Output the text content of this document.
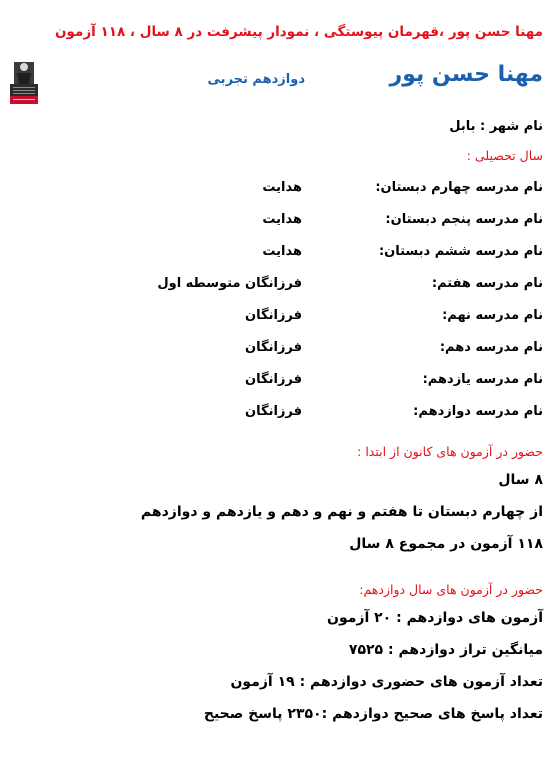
مهنا حسن پور ،قهرمان پیوستگی ، نمودار پیشرفت در ۸ سال ، ۱۱۸ آزمون
مهنا حسن پور
دوازدهم تجربی
نام شهر : بابل
سال تحصیلی :
نام مدرسه چهارم دبستان:
هدایت
نام مدرسه پنجم دبستان:
هدایت
نام مدرسه ششم دبستان:
هدایت
نام مدرسه هفتم:
فرزانگان متوسطه اول
نام مدرسه نهم:
فرزانگان
نام مدرسه دهم:
فرزانگان
نام مدرسه یازدهم:
فرزانگان
نام مدرسه دوازدهم:
فرزانگان
حضور در آزمون های کانون از ابتدا :
۸ سال
از چهارم دبستان تا هفتم و نهم و دهم و یازدهم و دوازدهم
۱۱۸ آزمون در مجموع ۸ سال
حضور در آزمون های سال دوازدهم:
آزمون های دوازدهم : ۲۰ آزمون
میانگین تراز دوازدهم : ۷۵۲۵
تعداد آزمون های حضوری دوازدهم : ۱۹ آزمون
تعداد پاسخ های صحیح دوازدهم :۲۳۵۰ پاسخ صحیح
